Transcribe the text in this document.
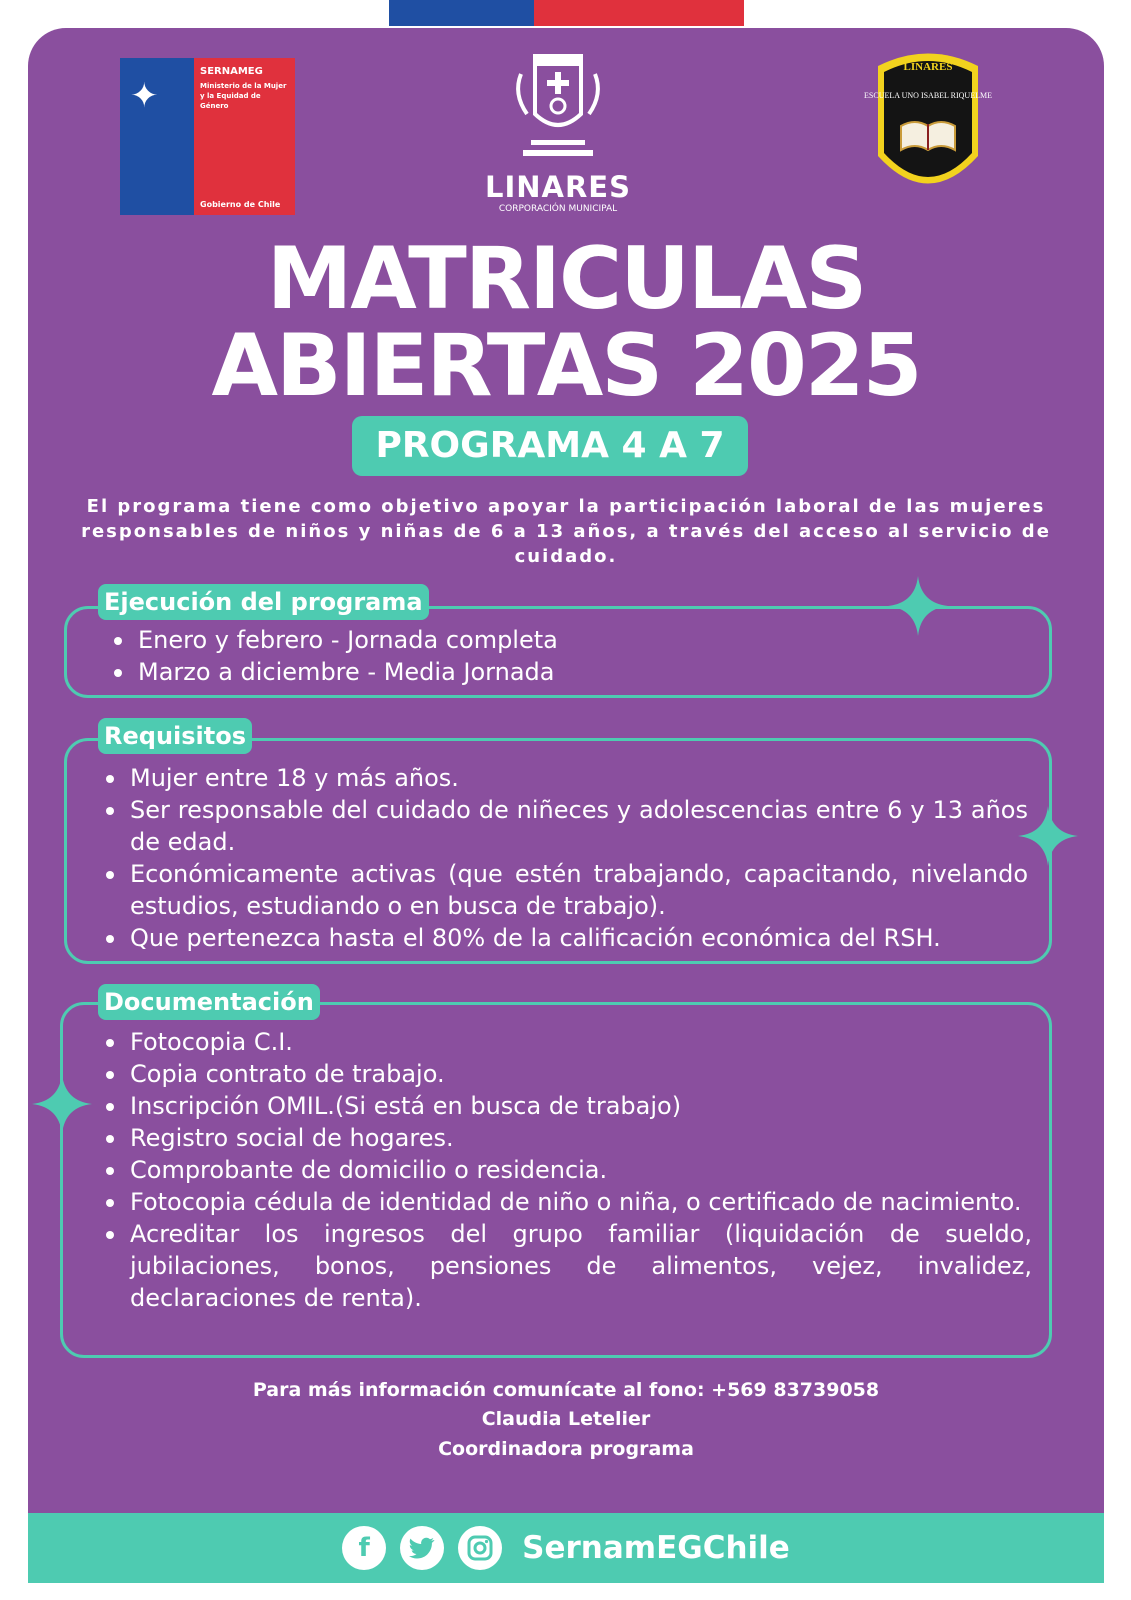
✦
SERNAMEG
Ministerio de la Mujer y la Equidad de Género
Gobierno de Chile
LINARES
CORPORACIÓN MUNICIPAL
LINARES
ESCUELA UNO ISABEL RIQUELME
MATRICULAS
ABIERTAS 2025
PROGRAMA 4 A 7
El programa tiene como objetivo apoyar la participación laboral de las mujeres responsables de niños y niñas de 6 a 13 años, a través del acceso al servicio de cuidado.
Ejecución del programa
Enero y febrero - Jornada completa
Marzo a diciembre - Media Jornada
Requisitos
Mujer entre 18 y más años.
Ser responsable del cuidado de niñeces y adolescencias entre 6 y 13 años de edad.
Económicamente activas (que estén trabajando, capacitando, nivelando estudios, estudiando o en busca de trabajo).
Que pertenezca hasta el 80% de la calificación económica del RSH.
Documentación
Fotocopia C.I.
Copia contrato de trabajo.
Inscripción OMIL.(Si está en busca de trabajo)
Registro social de hogares.
Comprobante de domicilio o residencia.
Fotocopia cédula de identidad de niño o niña, o certificado de nacimiento.
Acreditar los ingresos del grupo familiar (liquidación de sueldo, jubilaciones, bonos, pensiones de alimentos, vejez, invalidez, declaraciones de renta).
Para más información comunícate al fono: +569 83739058
Claudia Letelier
Coordinadora programa
f	SernamEGChile
